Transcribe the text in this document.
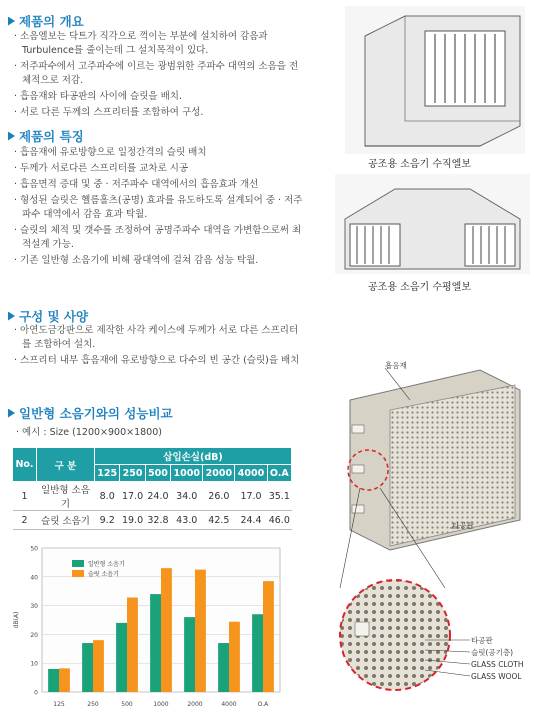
제품의 개요
· 소음엘보는 닥트가 직각으로 꺽이는 부분에 설치하여 감음과 Turbulence를 줄이는데 그 설치목적이 있다.
· 저주파수에서 고주파수에 이르는 광범위한 주파수 대역의 소음을 전체적으로 저감.
· 흡음재와 타공판의 사이에 슬릿을 배치.
· 서로 다른 두께의 스프리터를 조합하여 구성.
제품의 특징
· 흡음재에 유로방향으로 일정간격의 슬릿 배치
· 두께가 서로다른 스프리터를 교차로 시공
· 흡음면적 증대 및 중 · 저주파수 대역에서의 흡음효과 개선
· 형성된 슬릿은 헬름홀츠(공명) 효과를 유도하도록 설계되어 중 · 저주파수 대역에서 감음 효과 탁월.
· 슬릿의 체적 및 갯수를 조정하여 공명주파수 대역을 가변함으로써 최적설계 가능.
· 기존 일반형 소음기에 비해 광대역에 걸쳐 감음 성능 탁월.
구성 및 사양
· 아연도금강판으로 제작한 사각 케이스에 두께가 서로 다른 스프리터를 조합하여 설치.
· 스프리터 내부 흡음재에 유로방향으로 다수의 빈 공간 (슬릿)을 배치
일반형 소음기와의 성능비교
· 예시 : Size (1200×900×1800)
No.	구 분	삽입손실(dB)						
		125	250	500	1000	2000	4000	O.A
1	일반형 소음기	8.0	17.0	24.0	34.0	26.0	17.0	35.1
2	슬릿 소음기	9.2	19.0	32.8	43.0	42.5	24.4	46.0
0
10
20
30
40
50
dB(A)
125	250	500	1000	2000	4000	O.A
일반형 소음기
슬릿 소음기
공조용 소음기 수직엘보
공조용 소음기 수평엘보
흡음재
타공판
타공판
슬릿(공기층)
GLASS CLOTH
GLASS WOOL
